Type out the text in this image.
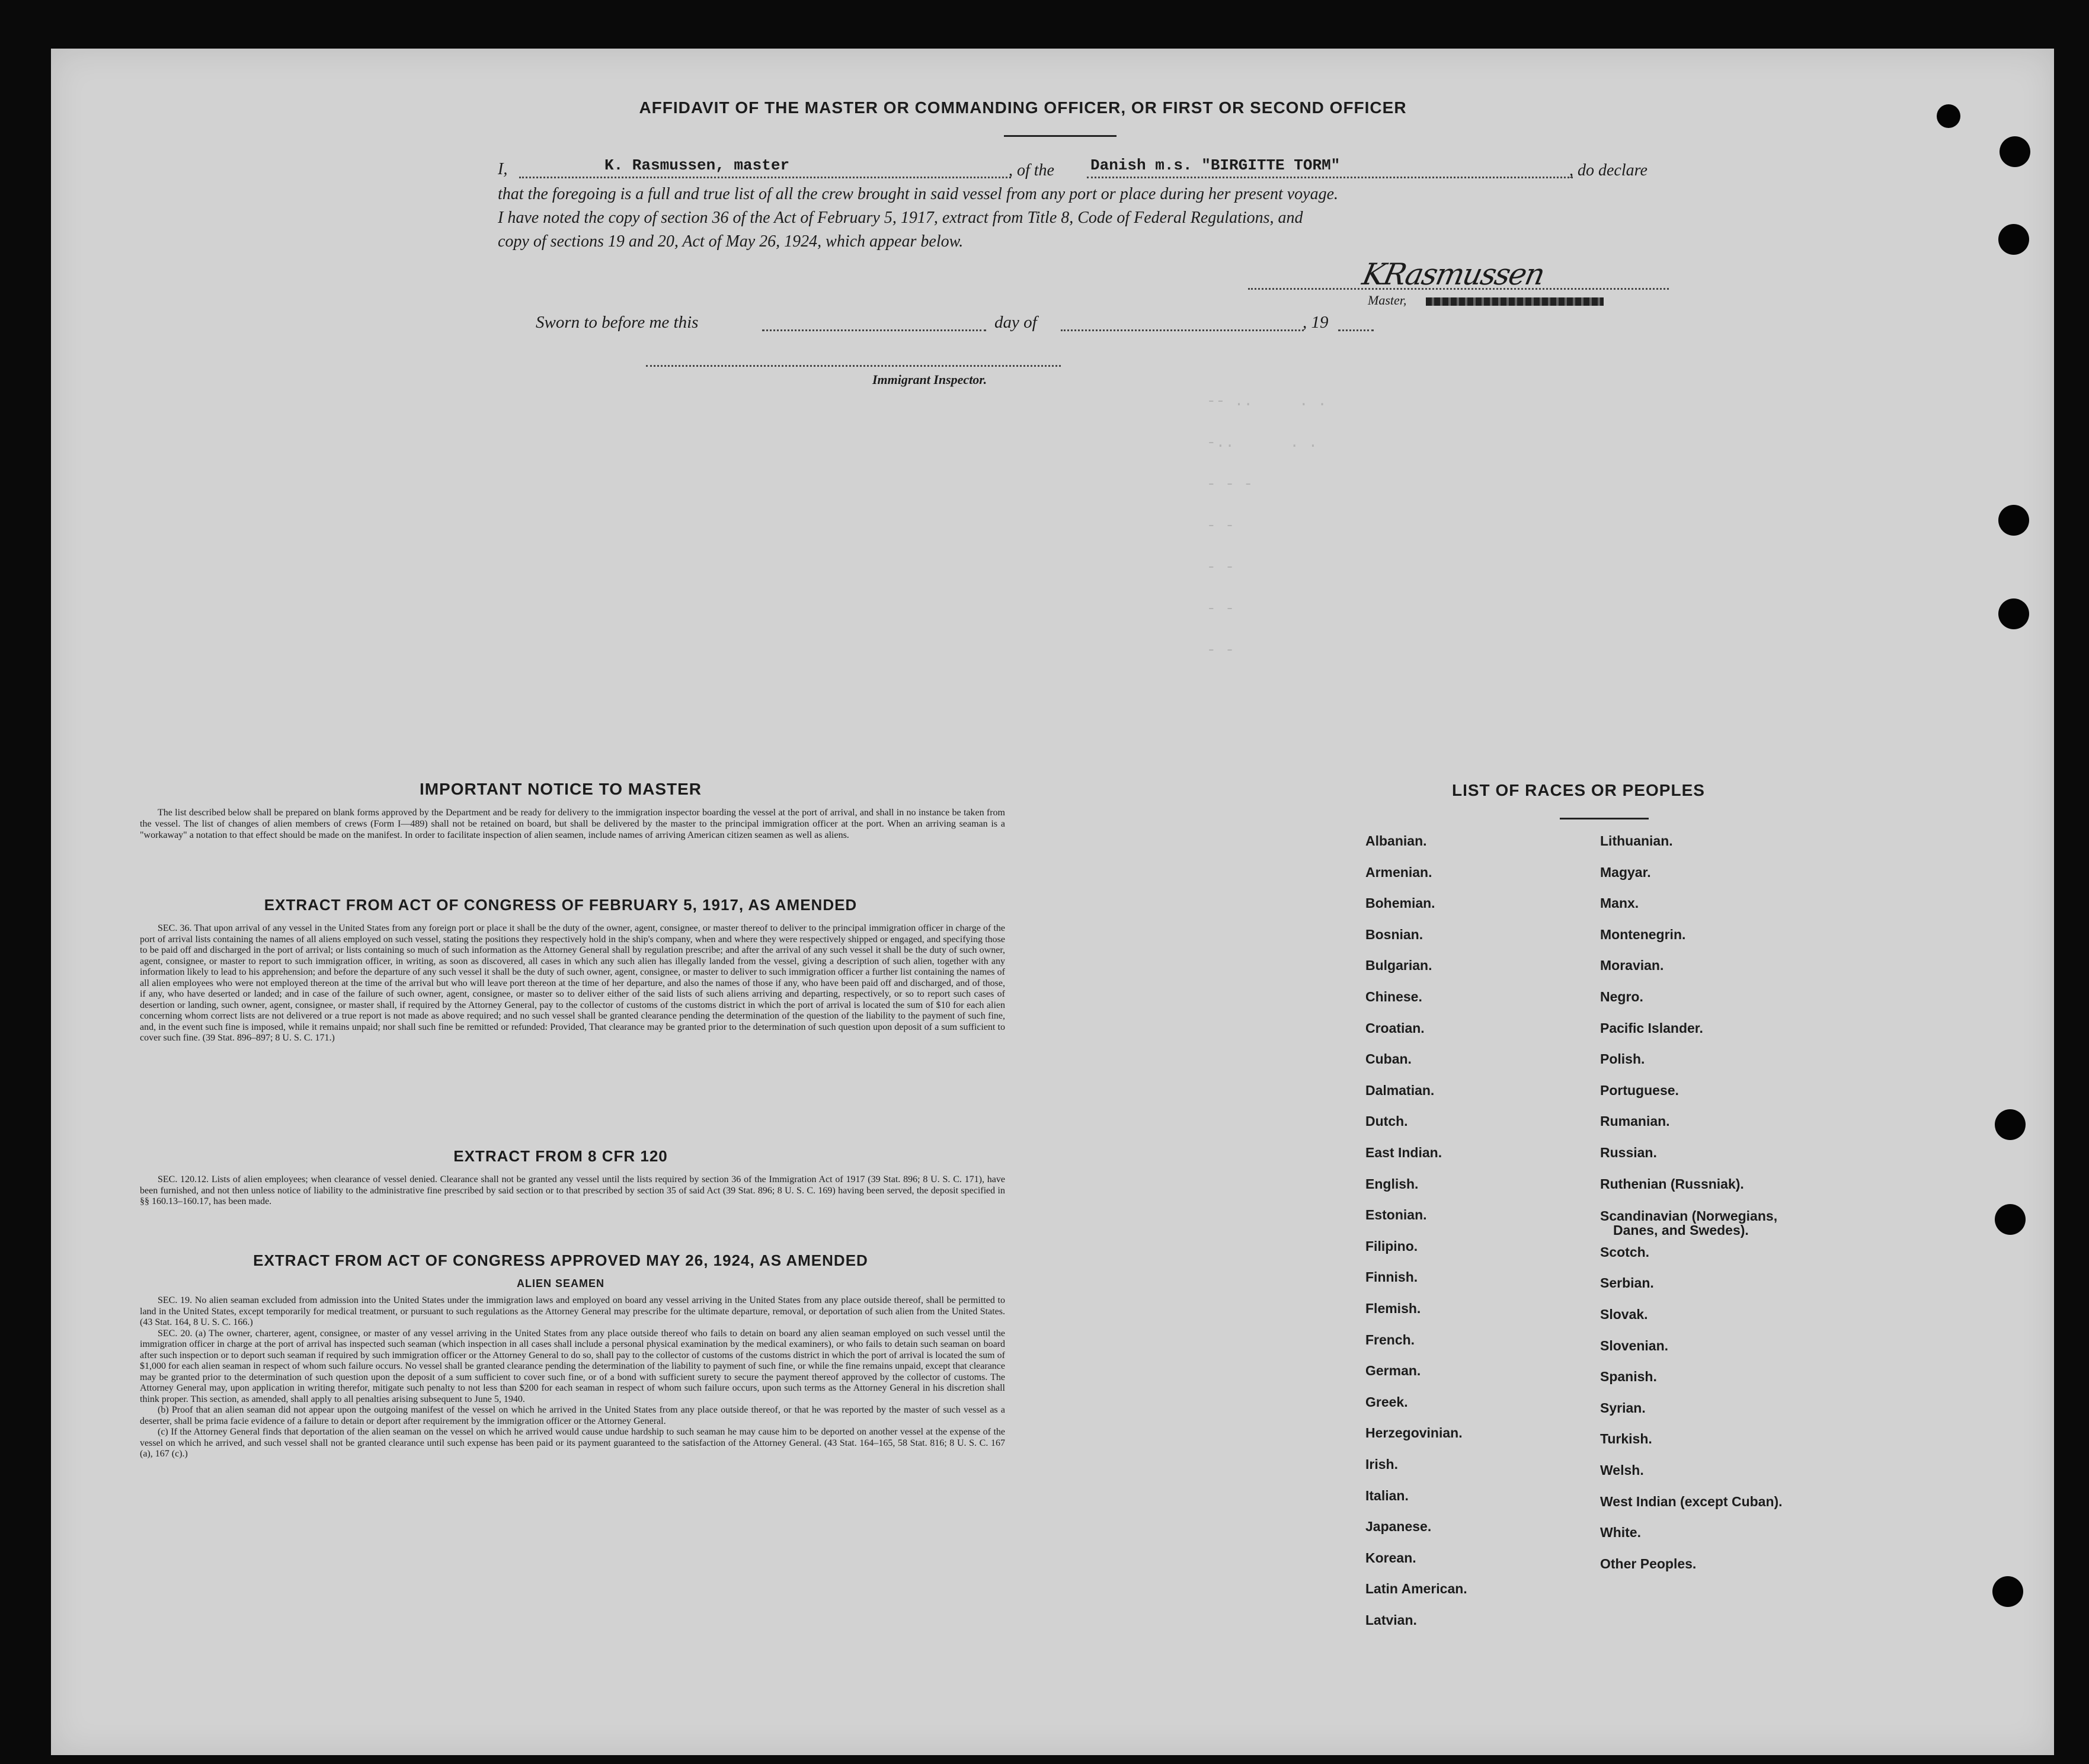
-- ..     . .
-..      . .
- - -
- -
- -
- -
- -
AFFIDAVIT OF THE MASTER OR COMMANDING OFFICER, OR FIRST OR SECOND OFFICER
I,	K. Rasmussen, master	, of the Danish m.s. "BIRGITTE TORM"	, do declare
that the foregoing is a full and true list of all the crew brought in said vessel from any port or place during her present voyage.
I have noted the copy of section 36 of the Act of February 5, 1917, extract from Title 8, Code of Federal Regulations, and
copy of sections 19 and 20, Act of May 26, 1924, which appear below.
KRasmussen
Master,
Sworn to before me this	day of	, 19
Immigrant Inspector.
IMPORTANT NOTICE TO MASTER

The list described below shall be prepared on blank forms approved by the Department and be ready for delivery to the immigration inspector boarding the vessel at the port of arrival, and shall in no instance be taken from the vessel. The list of changes of alien members of crews (Form I—489) shall not be retained on board, but shall be delivered by the master to the principal immigration officer at the port. When an arriving seaman is a "workaway" a notation to that effect should be made on the manifest. In order to facilitate inspection of alien seamen, include names of arriving American citizen seamen as well as aliens.

EXTRACT FROM ACT OF CONGRESS OF FEBRUARY 5, 1917, AS AMENDED

SEC. 36. That upon arrival of any vessel in the United States from any foreign port or place it shall be the duty of the owner, agent, consignee, or master thereof to deliver to the principal immigration officer in charge of the port of arrival lists containing the names of all aliens employed on such vessel, stating the positions they respectively hold in the ship's company, when and where they were respectively shipped or engaged, and specifying those to be paid off and discharged in the port of arrival; or lists containing so much of such information as the Attorney General shall by regulation prescribe; and after the arrival of any such vessel it shall be the duty of such owner, agent, consignee, or master to report to such immigration officer, in writing, as soon as discovered, all cases in which any such alien has illegally landed from the vessel, giving a description of such alien, together with any information likely to lead to his apprehension; and before the departure of any such vessel it shall be the duty of such owner, agent, consignee, or master to deliver to such immigration officer a further list containing the names of all alien employees who were not employed thereon at the time of the arrival but who will leave port thereon at the time of her departure, and also the names of those if any, who have been paid off and discharged, and of those, if any, who have deserted or landed; and in case of the failure of such owner, agent, consignee, or master so to deliver either of the said lists of such aliens arriving and departing, respectively, or so to report such cases of desertion or landing, such owner, agent, consignee, or master shall, if required by the Attorney General, pay to the collector of customs of the customs district in which the port of arrival is located the sum of $10 for each alien concerning whom correct lists are not delivered or a true report is not made as above required; and no such vessel shall be granted clearance pending the determination of the question of the liability to the payment of such fine, and, in the event such fine is imposed, while it remains unpaid; nor shall such fine be remitted or refunded: Provided, That clearance may be granted prior to the determination of such question upon deposit of a sum sufficient to cover such fine. (39 Stat. 896–897; 8 U. S. C. 171.)

EXTRACT FROM 8 CFR 120

SEC. 120.12. Lists of alien employees; when clearance of vessel denied. Clearance shall not be granted any vessel until the lists required by section 36 of the Immigration Act of 1917 (39 Stat. 896; 8 U. S. C. 171), have been furnished, and not then unless notice of liability to the administrative fine prescribed by said section or to that prescribed by section 35 of said Act (39 Stat. 896; 8 U. S. C. 169) having been served, the deposit specified in §§ 160.13–160.17, has been made.

EXTRACT FROM ACT OF CONGRESS APPROVED MAY 26, 1924, AS AMENDED
ALIEN SEAMEN

SEC. 19. No alien seaman excluded from admission into the United States under the immigration laws and employed on board any vessel arriving in the United States from any place outside thereof, shall be permitted to land in the United States, except temporarily for medical treatment, or pursuant to such regulations as the Attorney General may prescribe for the ultimate departure, removal, or deportation of such alien from the United States. (43 Stat. 164, 8 U. S. C. 166.)

SEC. 20. (a) The owner, charterer, agent, consignee, or master of any vessel arriving in the United States from any place outside thereof who fails to detain on board any alien seaman employed on such vessel until the immigration officer in charge at the port of arrival has inspected such seaman (which inspection in all cases shall include a personal physical examination by the medical examiners), or who fails to detain such seaman on board after such inspection or to deport such seaman if required by such immigration officer or the Attorney General to do so, shall pay to the collector of customs of the customs district in which the port of arrival is located the sum of $1,000 for each alien seaman in respect of whom such failure occurs. No vessel shall be granted clearance pending the determination of the liability to payment of such fine, or while the fine remains unpaid, except that clearance may be granted prior to the determination of such question upon the deposit of a sum sufficient to cover such fine, or of a bond with sufficient surety to secure the payment thereof approved by the collector of customs. The Attorney General may, upon application in writing therefor, mitigate such penalty to not less than $200 for each seaman in respect of whom such failure occurs, upon such terms as the Attorney General in his discretion shall think proper. This section, as amended, shall apply to all penalties arising subsequent to June 5, 1940.

(b) Proof that an alien seaman did not appear upon the outgoing manifest of the vessel on which he arrived in the United States from any place outside thereof, or that he was reported by the master of such vessel as a deserter, shall be prima facie evidence of a failure to detain or deport after requirement by the immigration officer or the Attorney General.

(c) If the Attorney General finds that deportation of the alien seaman on the vessel on which he arrived would cause undue hardship to such seaman he may cause him to be deported on another vessel at the expense of the vessel on which he arrived, and such vessel shall not be granted clearance until such expense has been paid or its payment guaranteed to the satisfaction of the Attorney General. (43 Stat. 164–165, 58 Stat. 816; 8 U. S. C. 167 (a), 167 (c).)

LIST OF RACES OR PEOPLES
Albanian.
Armenian.
Bohemian.
Bosnian.
Bulgarian.
Chinese.
Croatian.
Cuban.
Dalmatian.
Dutch.
East Indian.
English.
Estonian.
Filipino.
Finnish.
Flemish.
French.
German.
Greek.
Herzegovinian.
Irish.
Italian.
Japanese.
Korean.
Latin American.
Latvian.
Lithuanian.
Magyar.
Manx.
Montenegrin.
Moravian.
Negro.
Pacific Islander.
Polish.
Portuguese.
Rumanian.
Russian.
Ruthenian (Russniak).
Scandinavian (Norwegians,
Danes, and Swedes).
Scotch.
Serbian.
Slovak.
Slovenian.
Spanish.
Syrian.
Turkish.
Welsh.
West Indian (except Cuban).
White.
Other Peoples.
